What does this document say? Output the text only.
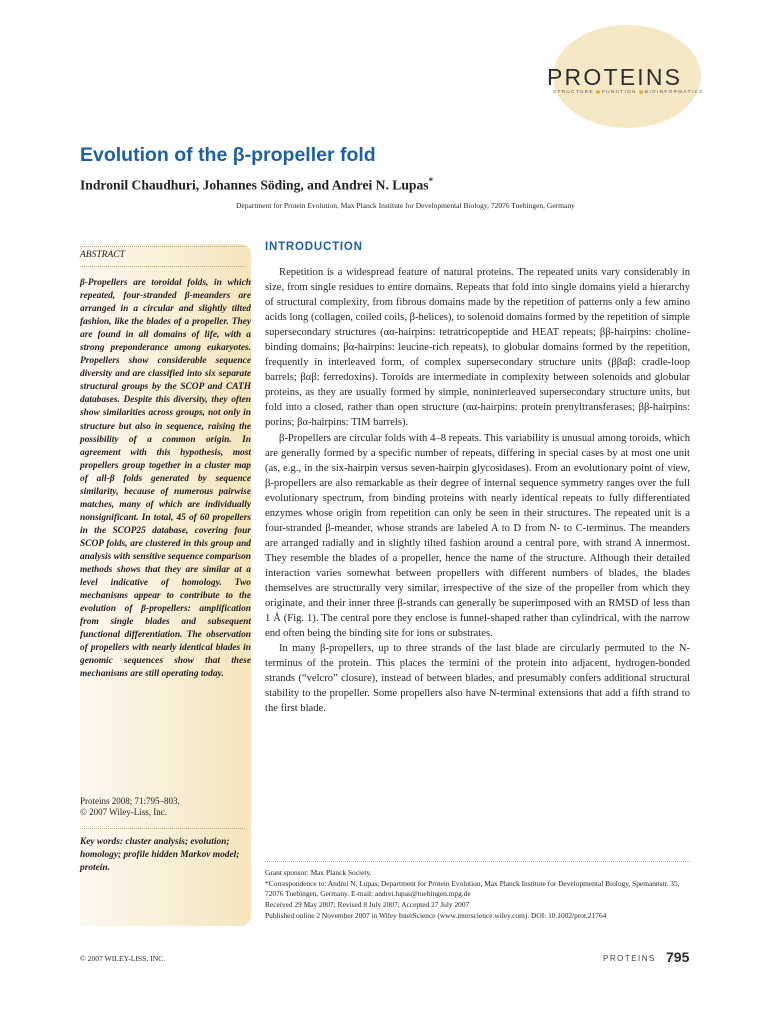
PROTEINS
STRUCTURE FUNCTION BIOINFORMATICS
Evolution of the β-propeller fold
Indronil Chaudhuri, Johannes Söding, and Andrei N. Lupas*
Department for Protein Evolution, Max Planck Institute for Developmental Biology, 72076 Tuebingen, Germany
ABSTRACT
β-Propellers are toroidal folds, in which repeated, four-stranded β-meanders are arranged in a circular and slightly tilted fashion, like the blades of a propeller. They are found in all domains of life, with a strong preponderance among eukaryotes. Propellers show considerable sequence diversity and are classified into six separate structural groups by the SCOP and CATH databases. Despite this diversity, they often show similarities across groups, not only in structure but also in sequence, raising the possibility of a common origin. In agreement with this hypothesis, most propellers group together in a cluster map of all-β folds generated by sequence similarity, because of numerous pairwise matches, many of which are individually nonsignificant. In total, 45 of 60 propellers in the SCOP25 database, covering four SCOP folds, are clustered in this group and analysis with sensitive sequence comparison methods shows that they are similar at a level indicative of homology. Two mechanisms appear to contribute to the evolution of β-propellers: amplification from single blades and subsequent functional differentiation. The observation of propellers with nearly identical blades in genomic sequences show that these mechanisms are still operating today.
Proteins 2008; 71:795–803.
© 2007 Wiley-Liss, Inc.
Key words: cluster analysis; evolution; homology; profile hidden Markov model; protein.
INTRODUCTION

Repetition is a widespread feature of natural proteins. The repeated units vary considerably in size, from single residues to entire domains. Repeats that fold into single domains yield a hierarchy of structural complexity, from fibrous domains made by the repetition of patterns only a few amino acids long (collagen, coiled coils, β-helices), to solenoid domains formed by the repetition of simple supersecondary structures (αα-hairpins: tetratricopeptide and HEAT repeats; ββ-hairpins: choline-binding domains; βα-hairpins: leucine-rich repeats), to globular domains formed by the repetition, frequently in interleaved form, of complex supersecondary structure units (ββαβ: cradle-loop barrels; βαβ: ferredoxins). Toroids are intermediate in complexity between solenoids and globular proteins, as they are usually formed by simple, noninterleaved supersecondary structure units, but fold into a closed, rather than open structure (αα-hairpins: protein prenyltransferases; ββ-hairpins: porins; βα-hairpins: TIM barrels).

β-Propellers are circular folds with 4–8 repeats. This variability is unusual among toroids, which are generally formed by a specific number of repeats, differing in special cases by at most one unit (as, e.g., in the six-hairpin versus seven-hairpin glycosidases). From an evolutionary point of view, β-propellers are also remarkable as their degree of internal sequence symmetry ranges over the full evolutionary spectrum, from binding proteins with nearly identical repeats to fully differentiated enzymes whose origin from repetition can only be seen in their structures. The repeated unit is a four-stranded β-meander, whose strands are labeled A to D from N- to C-terminus. The meanders are arranged radially and in slightly tilted fashion around a central pore, with strand A innermost. They resemble the blades of a propeller, hence the name of the structure. Although their detailed interaction varies somewhat between propellers with different numbers of blades, the blades themselves are structurally very similar, irrespective of the size of the propeller from which they originate, and their inner three β-strands can generally be superimposed with an RMSD of less than 1 Å (Fig. 1). The central pore they enclose is funnel-shaped rather than cylindrical, with the narrow end often being the binding site for ions or substrates.

In many β-propellers, up to three strands of the last blade are circularly permuted to the N-terminus of the protein. This places the termini of the protein into adjacent, hydrogen-bonded strands (“velcro” closure), instead of between blades, and presumably confers additional structural stability to the propeller. Some propellers also have N-terminal extensions that add a fifth strand to the first blade.

Grant sponsor: Max Planck Society.
*Correspondence to: Andrei N. Lupas, Department for Protein Evolution, Max Planck Institute for Developmental Biology, Spemannstr. 35, 72076 Tuebingen, Germany. E-mail: andrei.lupas@tuebingen.mpg.de
Received 29 May 2007; Revised 8 July 2007; Accepted 27 July 2007
Published online 2 November 2007 in Wiley InterScience (www.interscience.wiley.com). DOI: 10.1002/prot.21764
© 2007 WILEY-LISS, INC.	PROTEINS 795
